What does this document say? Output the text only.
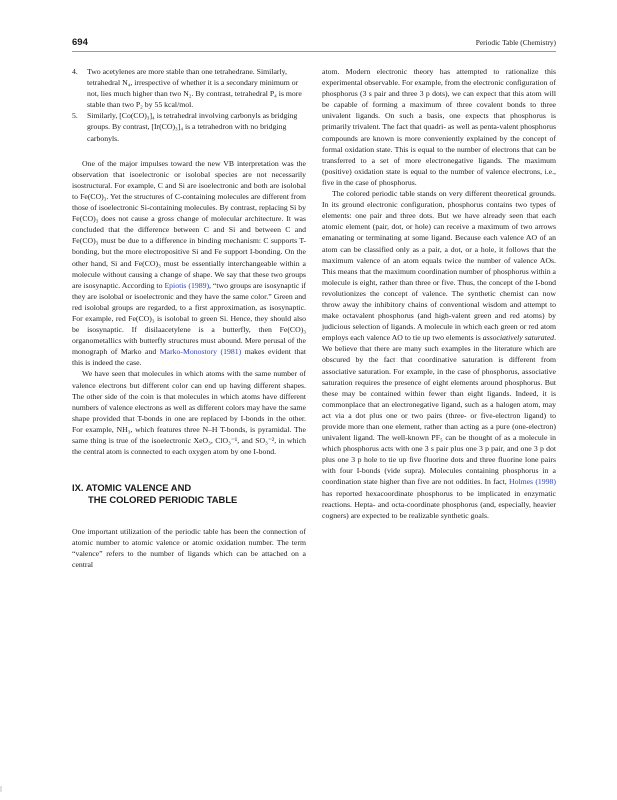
694	Periodic Table (Chemistry)
4. Two acetylenes are more stable than one tetrahedrane. Similarly, tetrahedral N₄, irrespective of whether it is a secondary minimum or not, lies much higher than two N₂. By contrast, tetrahedral P₄ is more stable than two P₂ by 55 kcal/mol.
5. Similarly, [Co(CO)₃]₄ is tetrahedral involving carbonyls as bridging groups. By contrast, [Ir(CO)₃]₄ is a tetrahedron with no bridging carbonyls.

One of the major impulses toward the new VB interpretation was the observation that isoelectronic or isolobal species are not necessarily isostructural. For example, C and Si are isoelectronic and both are isolobal to Fe(CO)₃. Yet the structures of C-containing molecules are different from those of isoelectronic Si-containing molecules. By contrast, replacing Si by Fe(CO)₃ does not cause a gross change of molecular architecture. It was concluded that the difference between C and Si and between C and Fe(CO)₃ must be due to a difference in binding mechanism: C supports T-bonding, but the more electropositive Si and Fe support I-bonding. On the other hand, Si and Fe(CO)₃ must be essentially interchangeable within a molecule without causing a change of shape. We say that these two groups are isosynaptic. According to Epiotis (1989), “two groups are isosynaptic if they are isolobal or isoelectronic and they have the same color.” Green and red isolobal groups are regarded, to a first approximation, as isosynaptic. For example, red Fe(CO)₃ is isolobal to green Si. Hence, they should also be isosynaptic. If disilaacetylene is a butterfly, then Fe(CO)₃ organometallics with butterfly structures must abound. Mere perusal of the monograph of Marko and Marko-Monostory (1981) makes evident that this is indeed the case.

We have seen that molecules in which atoms with the same number of valence electrons but different color can end up having different shapes. The other side of the coin is that molecules in which atoms have different numbers of valence electrons as well as different colors may have the same shape provided that T-bonds in one are replaced by I-bonds in the other. For example, NH₃, which features three N–H T-bonds, is pyramidal. The same thing is true of the isoelectronic XeO₃, ClO₃⁻¹, and SO₃⁻², in which the central atom is connected to each oxygen atom by one I-bond.

IX. ATOMIC VALENCE AND
THE COLORED PERIODIC TABLE

One important utilization of the periodic table has been the connection of atomic number to atomic valence or atomic oxidation number. The term “valence” refers to the number of ligands which can be attached on a central

atom. Modern electronic theory has attempted to rationalize this experimental observable. For example, from the electronic configuration of phosphorus (3 s pair and three 3 p dots), we can expect that this atom will be capable of forming a maximum of three covalent bonds to three univalent ligands. On such a basis, one expects that phosphorus is primarily trivalent. The fact that quadri- as well as penta-valent phosphorus compounds are known is more conveniently explained by the concept of formal oxidation state. This is equal to the number of electrons that can be transferred to a set of more electronegative ligands. The maximum (positive) oxidation state is equal to the number of valence electrons, i.e., five in the case of phosphorus.

The colored periodic table stands on very different theoretical grounds. In its ground electronic configuration, phosphorus contains two types of elements: one pair and three dots. But we have already seen that each atomic element (pair, dot, or hole) can receive a maximum of two arrows emanating or terminating at some ligand. Because each valence AO of an atom can be classified only as a pair, a dot, or a hole, it follows that the maximum valence of an atom equals twice the number of valence AOs. This means that the maximum coordination number of phosphorus within a molecule is eight, rather than three or five. Thus, the concept of the I-bond revolutionizes the concept of valence. The synthetic chemist can now throw away the inhibitory chains of conventional wisdom and attempt to make octavalent phosphorus (and high-valent green and red atoms) by judicious selection of ligands. A molecule in which each green or red atom employs each valence AO to tie up two elements is associatively saturated. We believe that there are many such examples in the literature which are obscured by the fact that coordinative saturation is different from associative saturation. For example, in the case of phosphorus, associative saturation requires the presence of eight elements around phosphorus. But these may be contained within fewer than eight ligands. Indeed, it is commonplace that an electronegative ligand, such as a halogen atom, may act via a dot plus one or two pairs (three- or five-electron ligand) to provide more than one element, rather than acting as a pure (one-electron) univalent ligand. The well-known PF₅ can be thought of as a molecule in which phosphorus acts with one 3 s pair plus one 3 p pair, and one 3 p dot plus one 3 p hole to tie up five fluorine dots and three fluorine lone pairs with four I-bonds (vide supra). Molecules containing phosphorus in a coordination state higher than five are not oddities. In fact, Holmes (1998) has reported hexacoordinate phosphorus to be implicated in enzymatic reactions. Hepta- and octa-coordinate phosphorus (and, especially, heavier cogners) are expected to be realizable synthetic goals.
